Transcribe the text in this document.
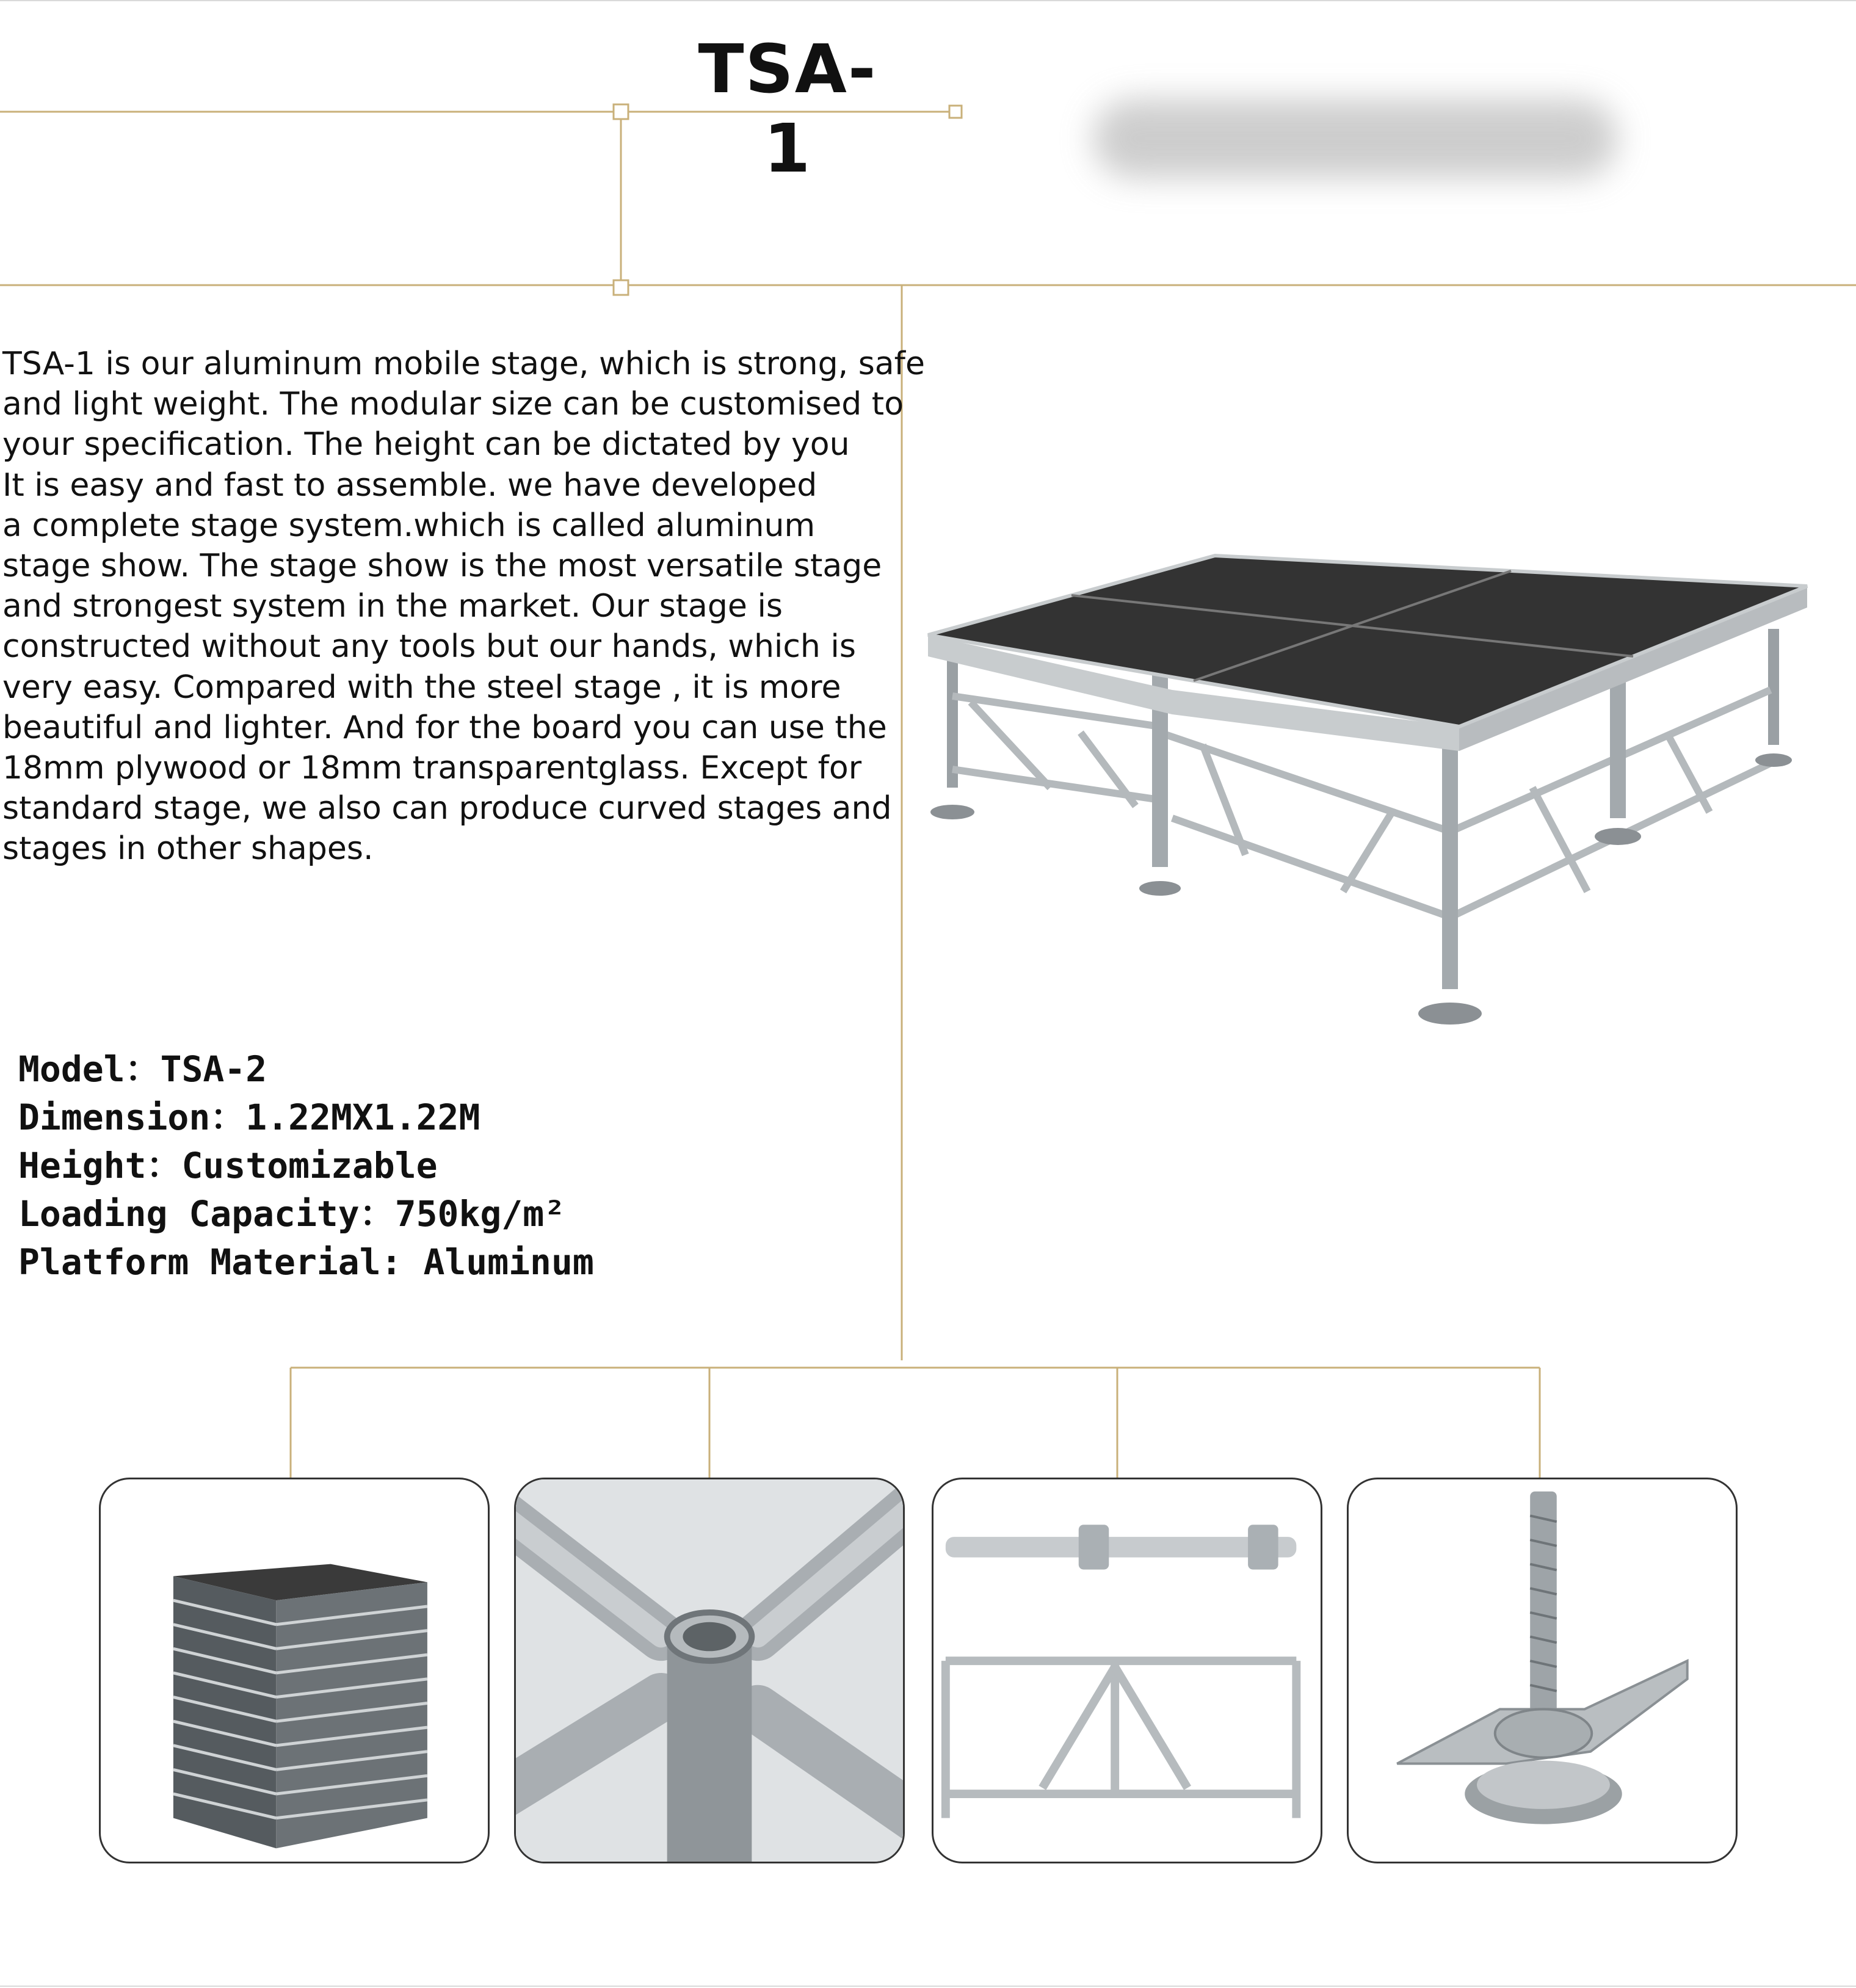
TSA-1
TSA-1 is our aluminum mobile stage, which is strong, safe
and light weight. The modular size can be customised to
your specification. The height can be dictated by you
It is easy and fast to assemble. we have developed
a complete stage system.which is called aluminum
stage show. The stage show is the most versatile stage
and strongest system in the market. Our stage is
constructed without any tools but our hands, which is
very easy. Compared with the steel stage , it is more
beautiful and lighter. And for the board you can use the
18mm plywood or 18mm transparentglass. Except for
standard stage, we also can produce curved stages and
stages in other shapes.
Model：TSA-2
Dimension：1.22MX1.22M
Height：Customizable
Loading Capacity：750kg/m²
Platform Material: Aluminum
